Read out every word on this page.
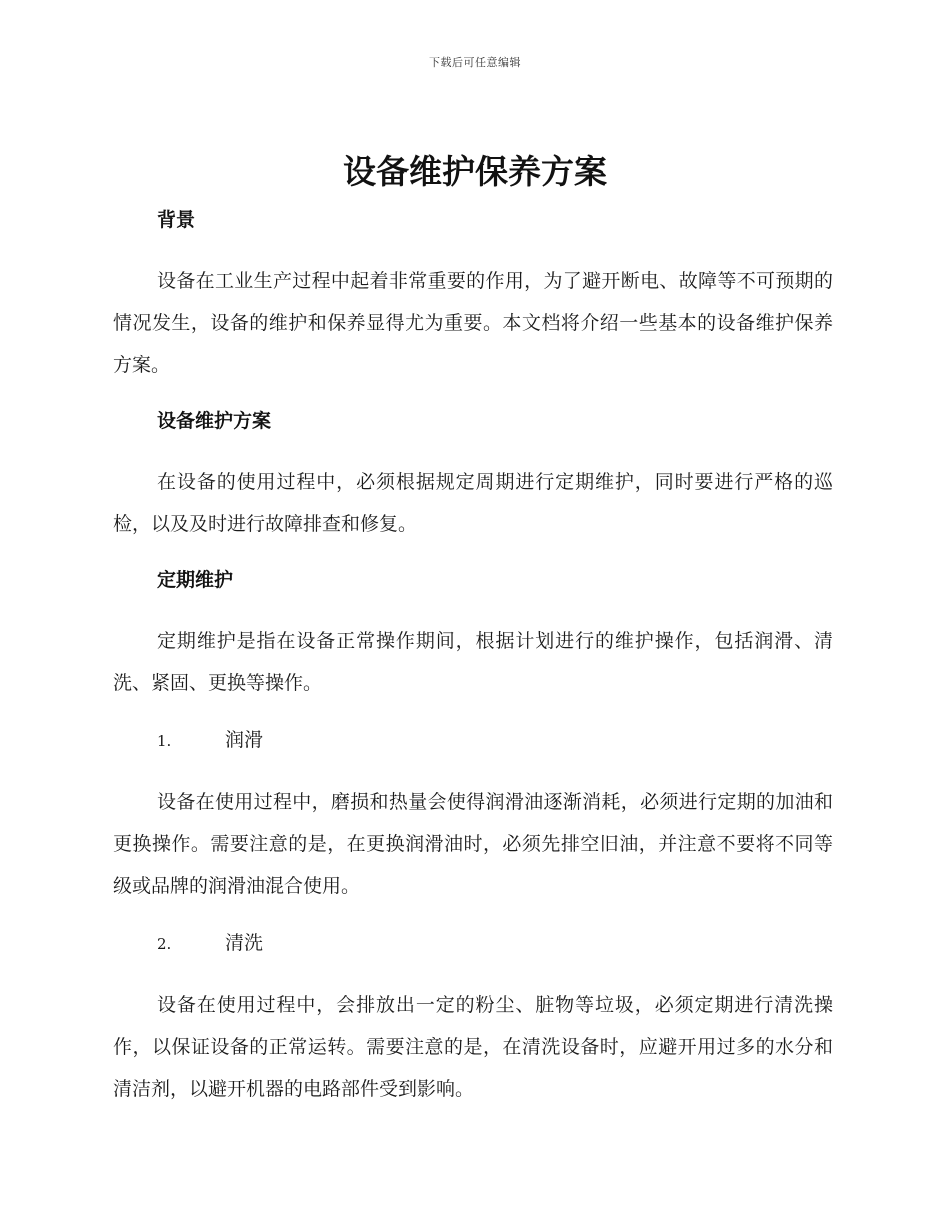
下载后可任意编辑
设备维护保养方案
背景

设备在工业生产过程中起着非常重要的作用，为了避开断电、故障等不可预期的情况发生，设备的维护和保养显得尤为重要。本文档将介绍一些基本的设备维护保养方案。

设备维护方案

在设备的使用过程中，必须根据规定周期进行定期维护，同时要进行严格的巡检，以及及时进行故障排查和修复。

定期维护

定期维护是指在设备正常操作期间，根据计划进行的维护操作，包括润滑、清洗、紧固、更换等操作。

1.	润滑

设备在使用过程中，磨损和热量会使得润滑油逐渐消耗，必须进行定期的加油和更换操作。需要注意的是，在更换润滑油时，必须先排空旧油，并注意不要将不同等级或品牌的润滑油混合使用。

2.	清洗

设备在使用过程中，会排放出一定的粉尘、脏物等垃圾，必须定期进行清洗操作，以保证设备的正常运转。需要注意的是，在清洗设备时，应避开用过多的水分和清洁剂，以避开机器的电路部件受到影响。
